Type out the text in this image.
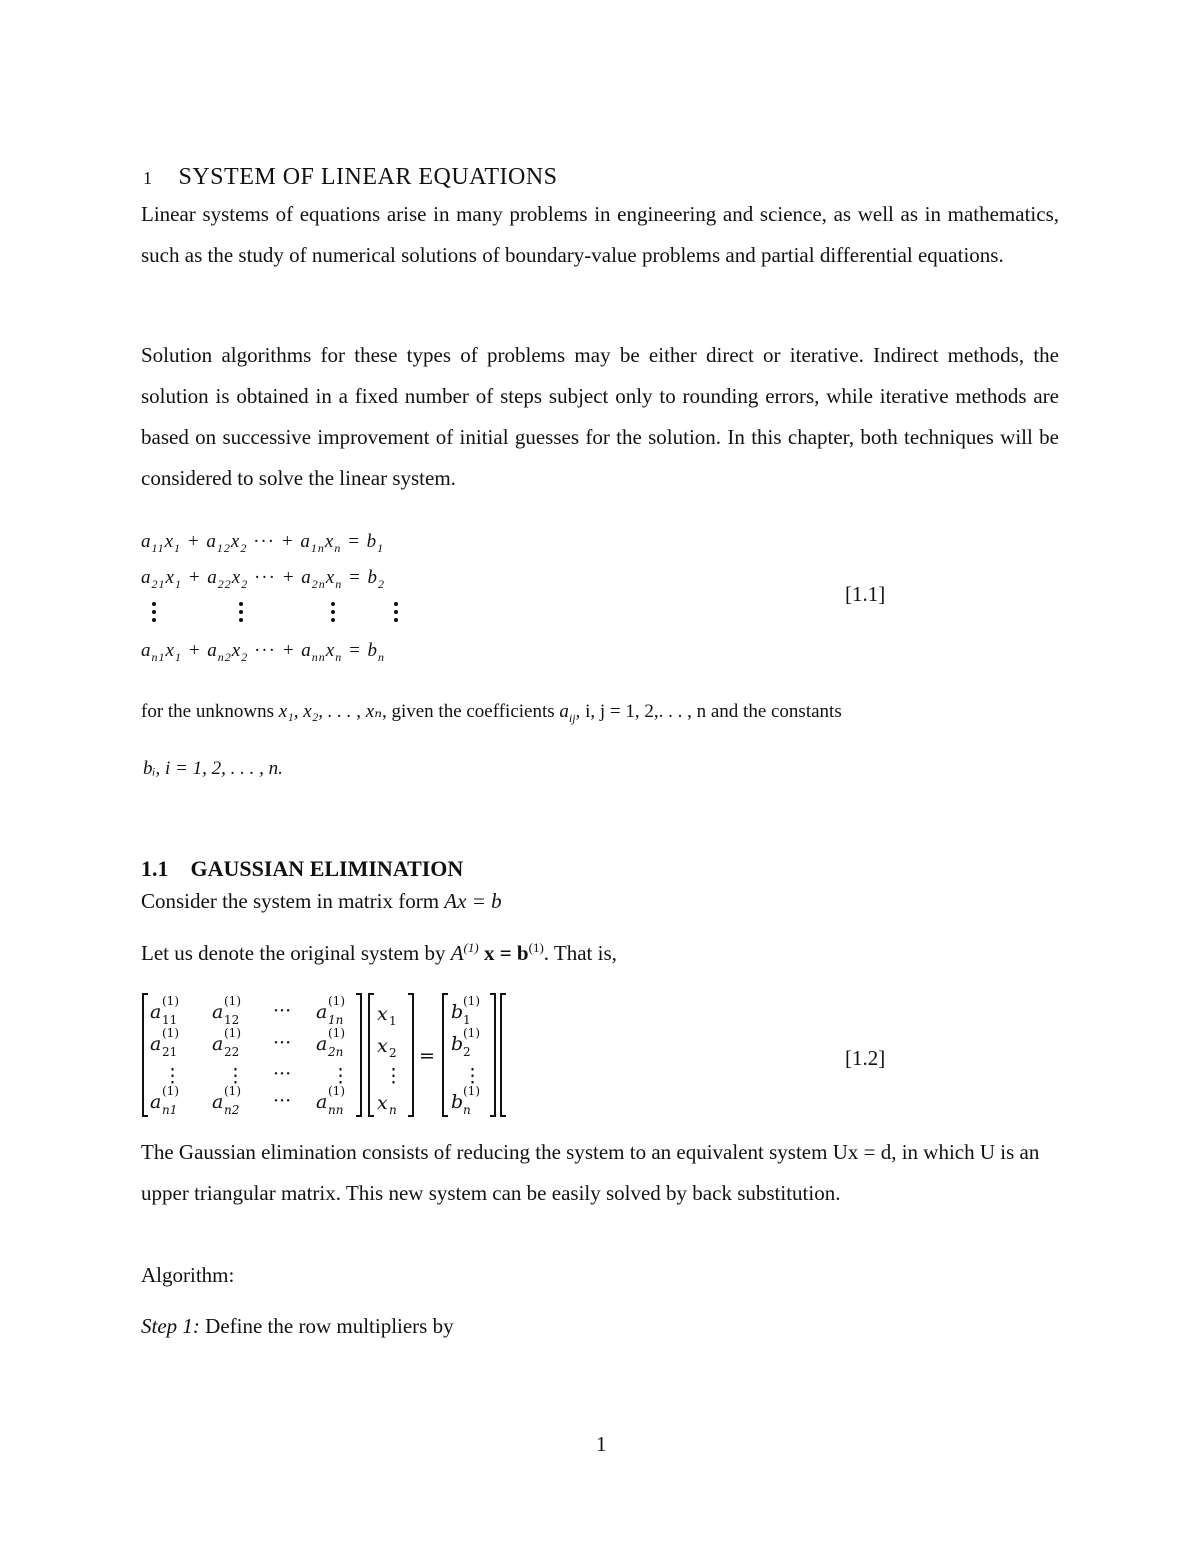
1 SYSTEM OF LINEAR EQUATIONS
Linear systems of equations arise in many problems in engineering and science, as well as in mathematics, such as the study of numerical solutions of boundary-value problems and partial differential equations.
Solution algorithms for these types of problems may be either direct or iterative. Indirect methods, the solution is obtained in a fixed number of steps subject only to rounding errors, while iterative methods are based on successive improvement of initial guesses for the solution. In this chapter, both techniques will be considered to solve the linear system.
$a_{11}x_1 + a_{12}x_2$ ··· + $a_{1n}x_n = b_1$
$a_{21}x_1 + a_{22}x_2$ ··· + $a_{2n}x_n = b_2$
$a_{n1}x_1 + a_{n2}x_2$ ··· + $a_{nn}x_n = b_n$
[1.1]
for the unknowns x₁, x₂, . . . , xₙ, given the coefficients $a_{ij}$, i, j = 1, 2,. . . , n and the constants
bᵢ, i = 1, 2, . . . , n.
1.1 GAUSSIAN ELIMINATION
Consider the system in matrix form Ax = b
Let us denote the original system by $A^{(1)}$ $x = b^{(1)}$. That is,
a (1)
11 a (1)
12 ··· a (1)
1n
a (1)
21 a (1)
22 ··· a (1)
2n
⋮ ⋮ ··· ⋮
a (1)
n1 a (1)
n2 ··· a (1)
nn
x 1
x 2
⋮
x n
=
b (1)
1
b (1)
2
⋮
b (1)
n
[1.2]
The Gaussian elimination consists of reducing the system to an equivalent system Ux = d, in which U is an upper triangular matrix. This new system can be easily solved by back substitution.
Algorithm:
Step 1: Define the row multipliers by
1
